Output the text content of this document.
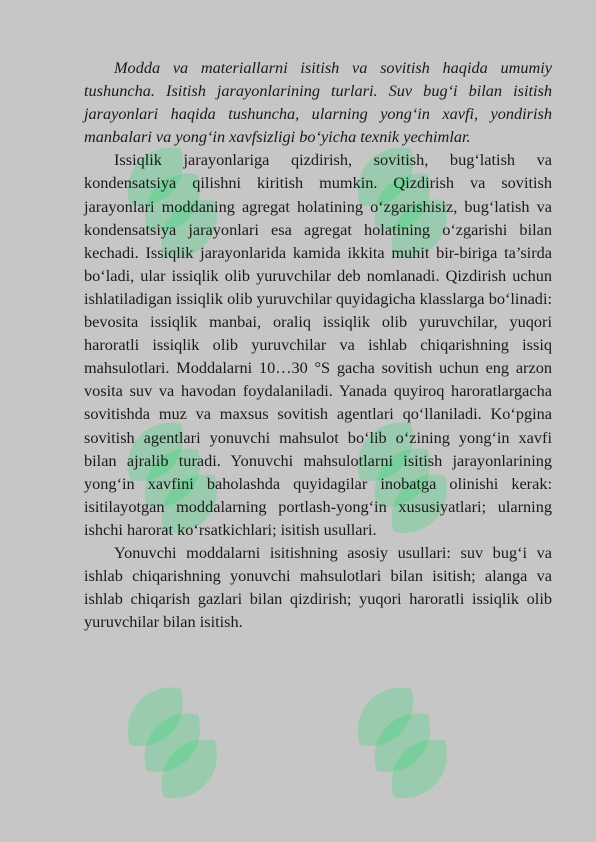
Modda va materiallarni isitish va sovitish haqida umumiy tushuncha. Isitish jarayonlarining turlari. Suv bug‘i bilan isitish jarayonlari haqida tushuncha, ularning yong‘in xavfi, yondirish manbalari va yong‘in xavfsizligi bo‘yicha texnik yechimlar.

Issiqlik jarayonlariga qizdirish, sovitish, bug‘latish va kondensatsiya qilishni kiritish mumkin. Qizdirish va sovitish jarayonlari moddaning agregat holatining o‘zgarishisiz, bug‘latish va kondensatsiya jarayonlari esa agregat holatining o‘zgarishi bilan kechadi. Issiqlik jarayonlarida kamida ikkita muhit bir-biriga ta’sirda bo‘ladi, ular issiqlik olib yuruvchilar deb nomlanadi. Qizdirish uchun ishlatiladigan issiqlik olib yuruvchilar quyidagicha klasslarga bo‘linadi: bevosita issiqlik manbai, oraliq issiqlik olib yuruvchilar, yuqori haroratli issiqlik olib yuruvchilar va ishlab chiqarishning issiq mahsulotlari. Moddalarni 10…30 °S gacha sovitish uchun eng arzon vosita suv va havodan foydalaniladi. Yanada quyiroq haroratlargacha sovitishda muz va maxsus sovitish agentlari qo‘llaniladi. Ko‘pgina sovitish agentlari yonuvchi mahsulot bo‘lib o‘zining yong‘in xavfi bilan ajralib turadi. Yonuvchi mahsulotlarni isitish jarayonlarining yong‘in xavfini baholashda quyidagilar inobatga olinishi kerak: isitilayotgan moddalarning portlash-yong‘in xususiyatlari; ularning ishchi harorat ko‘rsatkichlari; isitish usullari.

Yonuvchi moddalarni isitishning asosiy usullari: suv bug‘i va ishlab chiqarishning yonuvchi mahsulotlari bilan isitish; alanga va ishlab chiqarish gazlari bilan qizdirish; yuqori haroratli issiqlik olib yuruvchilar bilan isitish.
